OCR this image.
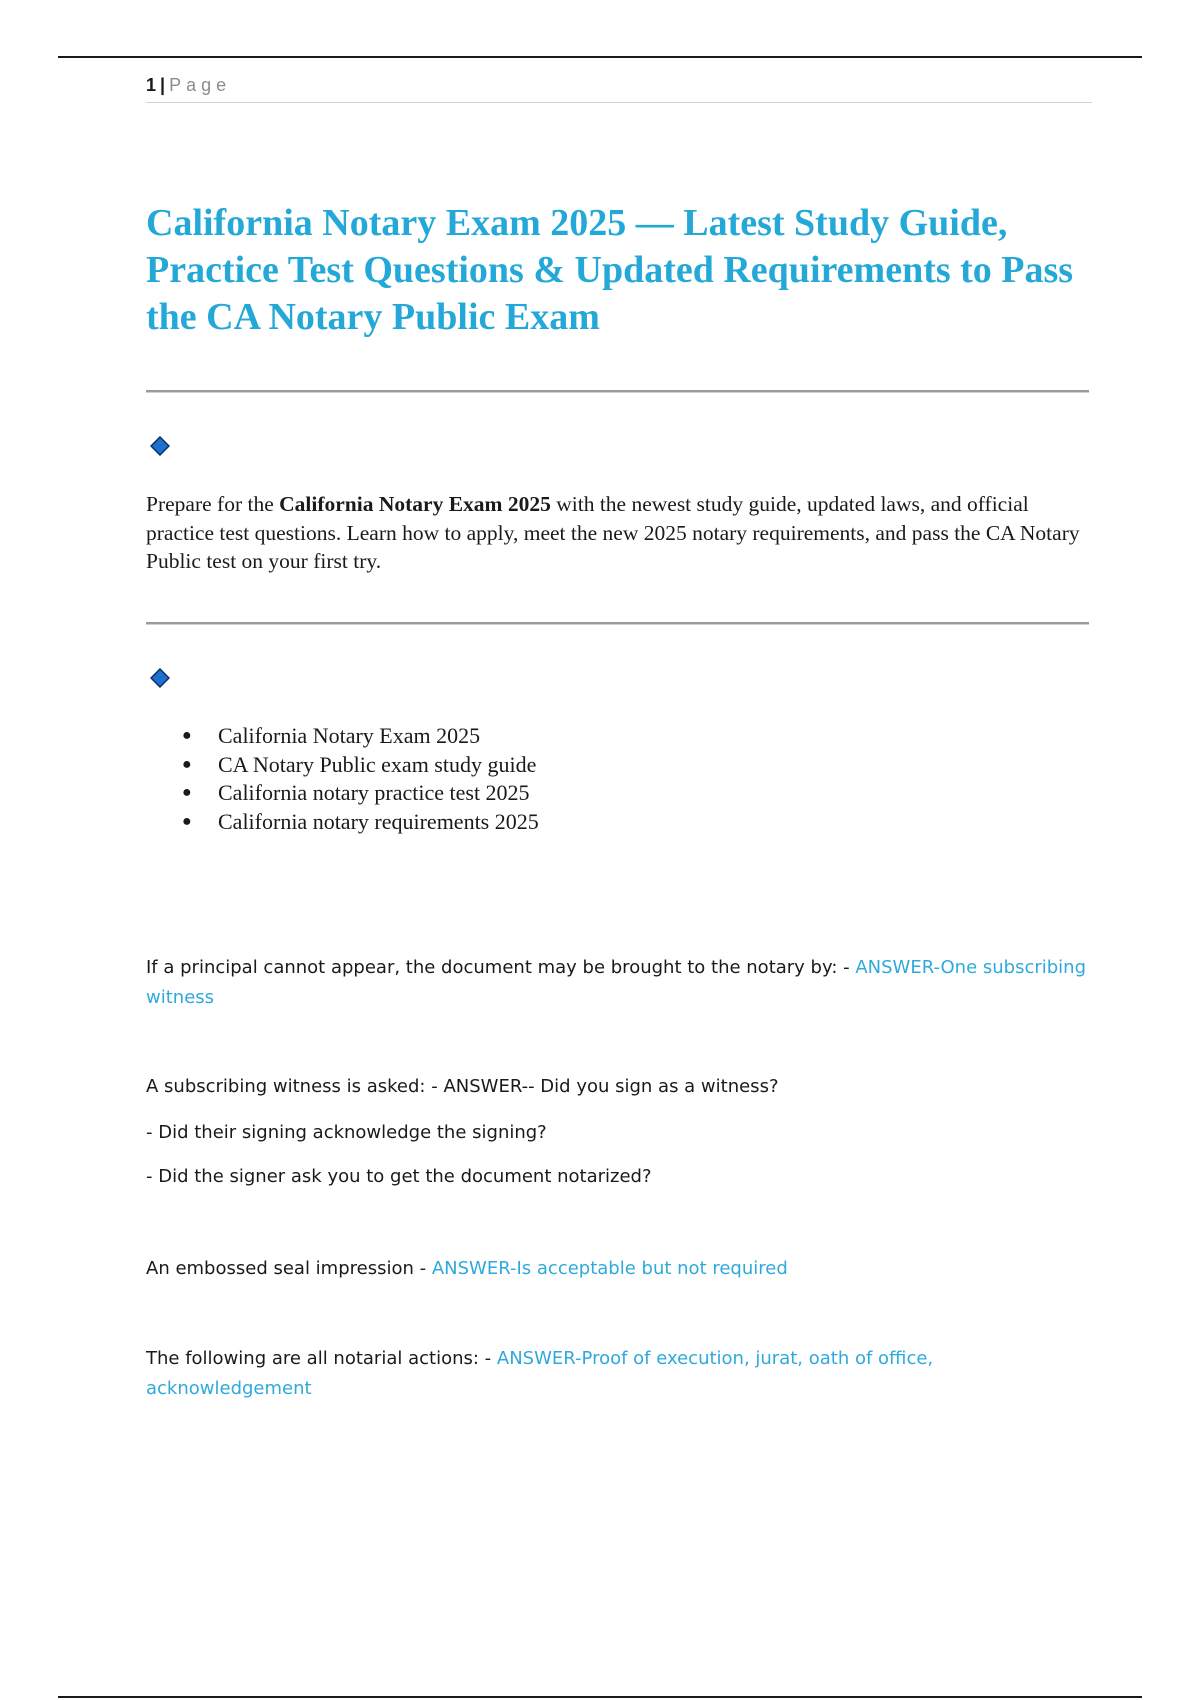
1 | Page
California Notary Exam 2025 — Latest Study Guide, Practice Test Questions & Updated Requirements to Pass the CA Notary Public Exam

Prepare for the California Notary Exam 2025 with the newest study guide, updated laws, and official practice test questions. Learn how to apply, meet the new 2025 notary requirements, and pass the CA Notary Public test on your first try.

● California Notary Exam 2025
● CA Notary Public exam study guide
● California notary practice test 2025
● California notary requirements 2025

If a principal cannot appear, the document may be brought to the notary by: - ANSWER-One subscribing witness

A subscribing witness is asked: - ANSWER-- Did you sign as a witness?

- Did their signing acknowledge the signing?

- Did the signer ask you to get the document notarized?

An embossed seal impression - ANSWER-Is acceptable but not required

The following are all notarial actions: - ANSWER-Proof of execution, jurat, oath of office, acknowledgement
